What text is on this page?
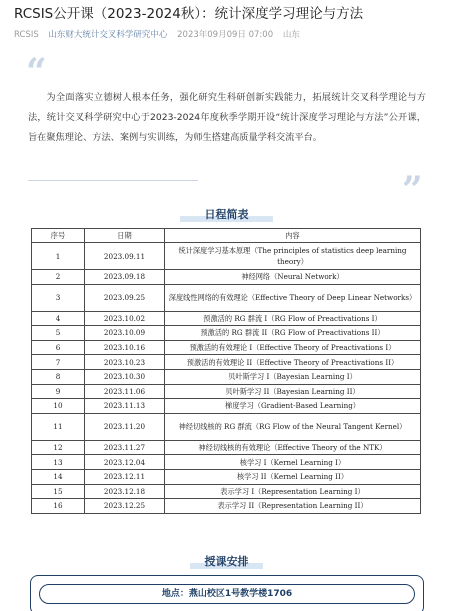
RCSIS公开课（2023-2024秋）：统计深度学习理论与方法
RCSIS 山东财大统计交叉科学研究中心 2023年09月09日 07:00 山东
“

为全面落实立德树人根本任务，强化研究生科研创新实践能力，拓展统计交叉科学理论与方法，统计交叉科学研究中心于2023-2024年度秋季学期开设“统计深度学习理论与方法”公开课，旨在聚焦理论、方法、案例与实训练，为师生搭建高质量学科交流平台。

”
日程简表
序号	日期	内容
1	2023.09.11	统计深度学习基本原理（The principles of statistics deep learning theory）
2	2023.09.18	神经网络（Neural Network）
3	2023.09.25	深度线性网络的有效理论（Effective Theory of Deep Linear Networks）
4	2023.10.02	预激活的 RG 群流 I（RG Flow of Preactivations I）
5	2023.10.09	预激活的 RG 群流 II（RG Flow of Preactivations II）
6	2023.10.16	预激活的有效理论 I（Effective Theory of Preactivations I）
7	2023.10.23	预激活的有效理论 II（Effective Theory of Preactivations II）
8	2023.10.30	贝叶斯学习 I（Bayesian Learning I）
9	2023.11.06	贝叶斯学习 II（Bayesian Learning II）
10	2023.11.13	梯度学习（Gradient-Based Learning）
11	2023.11.20	神经切线核的 RG 群流（RG Flow of the Neural Tangent Kernel）
12	2023.11.27	神经切线核的有效理论（Effective Theory of the NTK）
13	2023.12.04	核学习 I（Kernel Learning I）
14	2023.12.11	核学习 II（Kernel Learning II）
15	2023.12.18	表示学习 I（Representation Learning I）
16	2023.12.25	表示学习 II（Representation Learning II）
授课安排
地点：燕山校区1号教学楼1706
